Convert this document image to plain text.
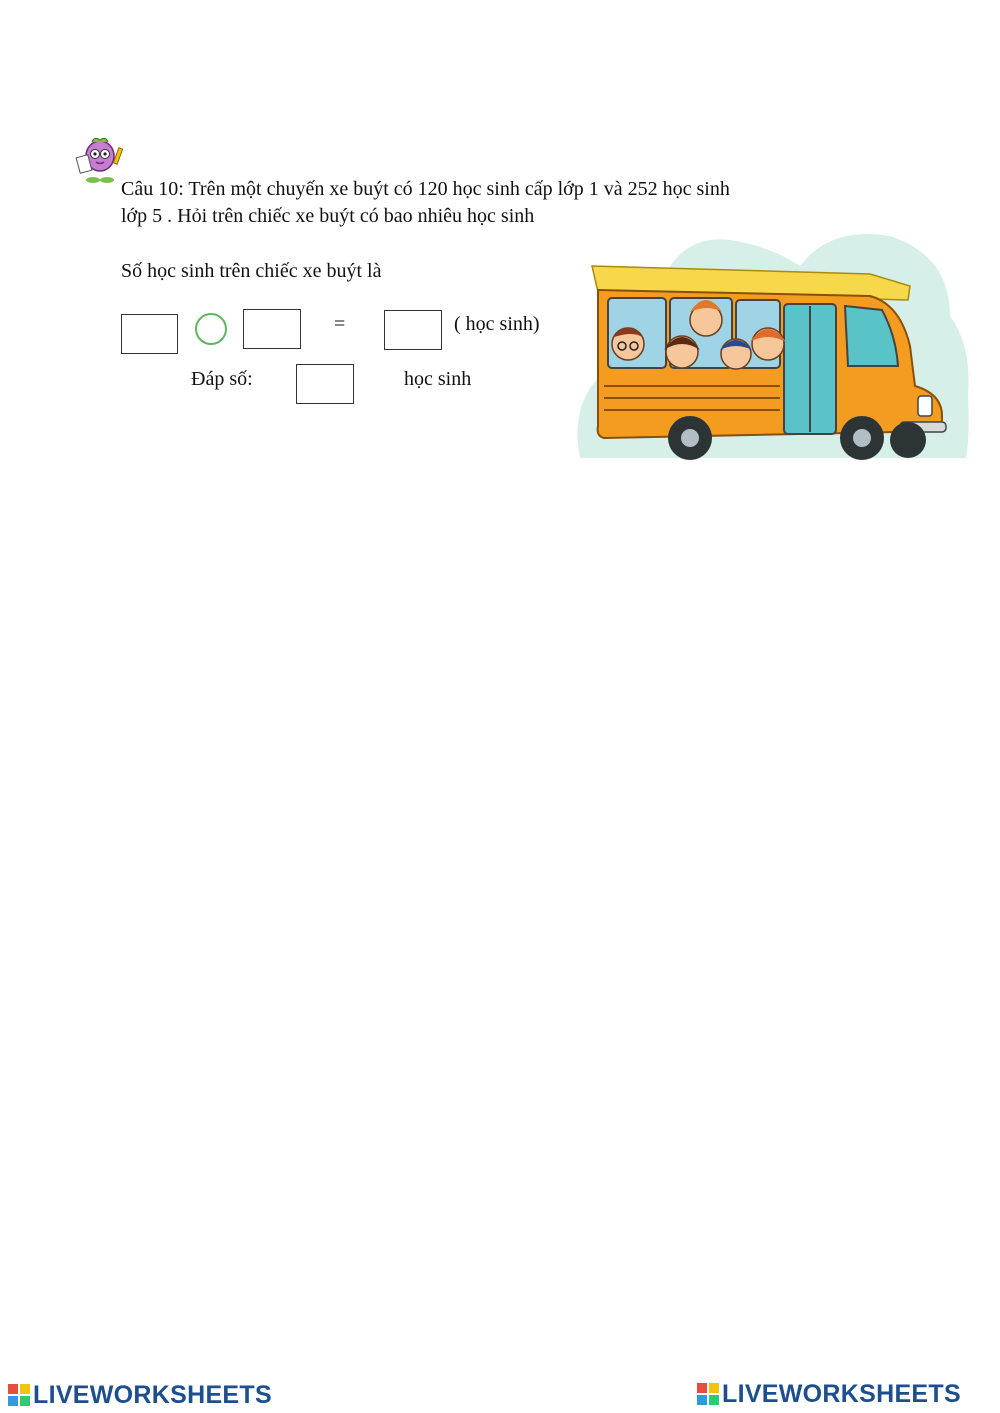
Câu 10: Trên một chuyến xe buýt có 120 học sinh cấp lớp 1 và 252 học sinh
lớp 5 . Hỏi trên chiếc xe buýt có bao nhiêu học sinh
Số học sinh trên chiếc xe buýt là
=	( học sinh)
Đáp số:	học sinh
LIVEWORKSHEETS	LIVEWORKSHEETS
